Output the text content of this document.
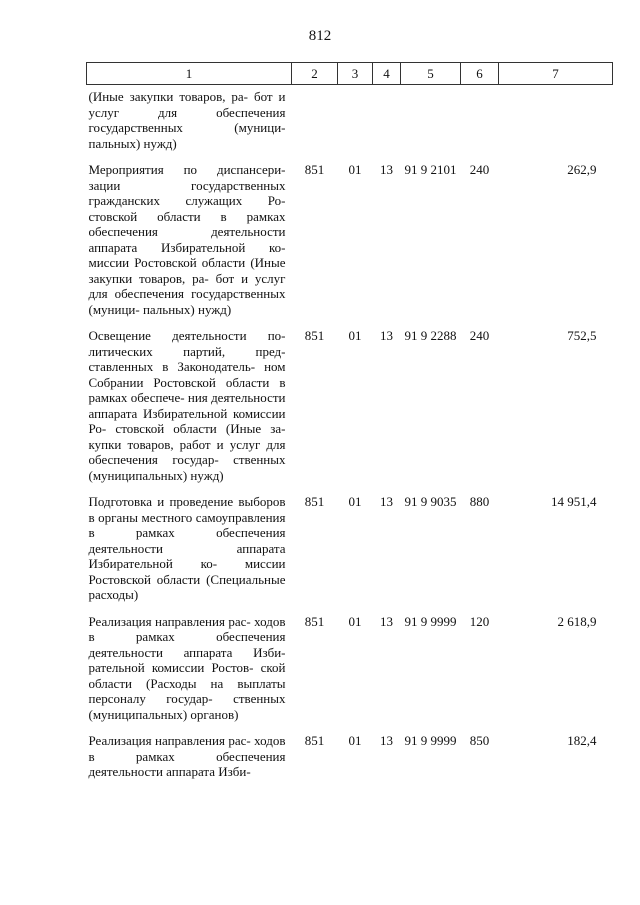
812
1	2	3	4	5	6	7
(Иные закупки товаров, ра- бот и услуг для обеспечения государственных (муници- пальных) нужд)						
Мероприятия по диспансери- зации государственных гражданских служащих Ро- стовской области в рамках обеспечения деятельности аппарата Избирательной ко- миссии Ростовской области (Иные закупки товаров, ра- бот и услуг для обеспечения государственных (муници- пальных) нужд)	851	01	13	91 9 2101	240	262,9
Освещение деятельности по- литических партий, пред- ставленных в Законодатель- ном Собрании Ростовской области в рамках обеспече- ния деятельности аппарата Избирательной комиссии Ро- стовской области (Иные за- купки товаров, работ и услуг для обеспечения государ- ственных (муниципальных) нужд)	851	01	13	91 9 2288	240	752,5
Подготовка и проведение выборов в органы местного самоуправления в рамках обеспечения деятельности аппарата Избирательной ко- миссии Ростовской области (Специальные расходы)	851	01	13	91 9 9035	880	14 951,4
Реализация направления рас- ходов в рамках обеспечения деятельности аппарата Изби- рательной комиссии Ростов- ской области (Расходы на выплаты персоналу государ- ственных (муниципальных) органов)	851	01	13	91 9 9999	120	2 618,9
Реализация направления рас- ходов в рамках обеспечения деятельности аппарата Изби-	851	01	13	91 9 9999	850	182,4
